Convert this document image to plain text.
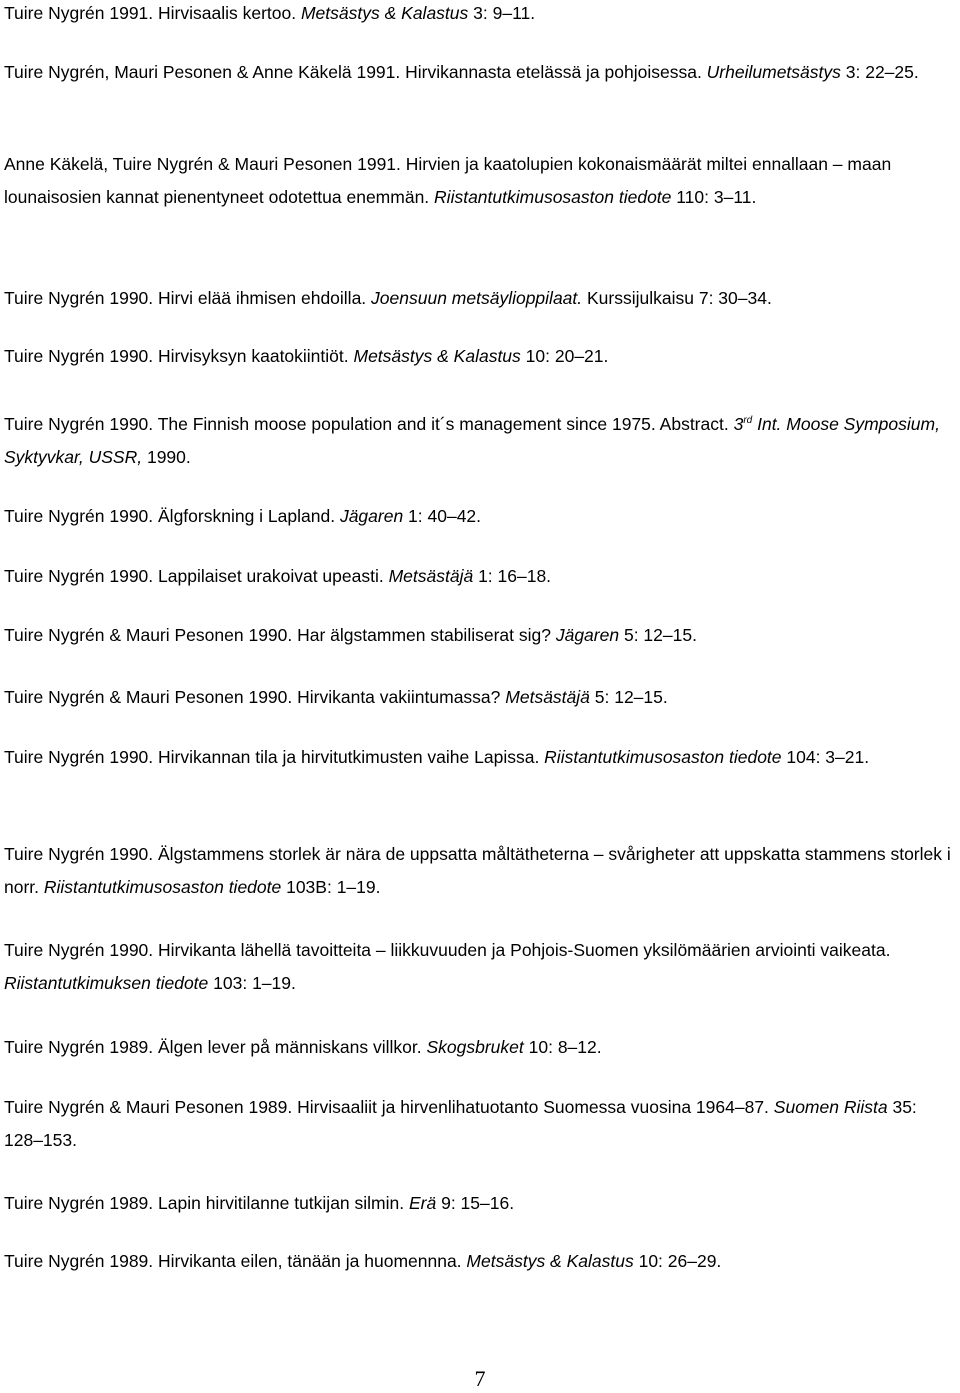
Tuire Nygrén 1991. Hirvisaalis kertoo. Metsästys & Kalastus 3: 9–11.

Tuire Nygrén, Mauri Pesonen & Anne Käkelä 1991. Hirvikannasta etelässä ja pohjoisessa. Urheilumetsästys 3: 22–25.

Anne Käkelä, Tuire Nygrén & Mauri Pesonen 1991. Hirvien ja kaatolupien kokonaismäärät miltei ennallaan – maan lounaisosien kannat pienentyneet odotettua enemmän. Riistantutkimusosaston tiedote 110: 3–11.

Tuire Nygrén 1990. Hirvi elää ihmisen ehdoilla. Joensuun metsäylioppilaat. Kurssijulkaisu 7: 30–34.

Tuire Nygrén 1990. Hirvisyksyn kaatokiintiöt. Metsästys & Kalastus 10: 20–21.

Tuire Nygrén 1990. The Finnish moose population and it´s management since 1975. Abstract. 3rd Int. Moose Symposium, Syktyvkar, USSR, 1990.

Tuire Nygrén 1990. Älgforskning i Lapland. Jägaren 1: 40–42.

Tuire Nygrén 1990. Lappilaiset urakoivat upeasti. Metsästäjä 1: 16–18.

Tuire Nygrén & Mauri Pesonen 1990. Har älgstammen stabiliserat sig? Jägaren 5: 12–15.

Tuire Nygrén & Mauri Pesonen 1990. Hirvikanta vakiintumassa? Metsästäjä 5: 12–15.

Tuire Nygrén 1990. Hirvikannan tila ja hirvitutkimusten vaihe Lapissa. Riistantutkimusosaston tiedote 104: 3–21.

Tuire Nygrén 1990. Älgstammens storlek är nära de uppsatta måltätheterna – svårigheter att uppskatta stammens storlek i norr. Riistantutkimusosaston tiedote 103B: 1–19.

Tuire Nygrén 1990. Hirvikanta lähellä tavoitteita – liikkuvuuden ja Pohjois-Suomen yksilömäärien arviointi vaikeata. Riistantutkimuksen tiedote 103: 1–19.

Tuire Nygrén 1989. Älgen lever på människans villkor. Skogsbruket 10: 8–12.

Tuire Nygrén & Mauri Pesonen 1989. Hirvisaaliit ja hirvenlihatuotanto Suomessa vuosina 1964–87. Suomen Riista 35: 128–153.

Tuire Nygrén 1989. Lapin hirvitilanne tutkijan silmin. Erä 9: 15–16.

Tuire Nygrén 1989. Hirvikanta eilen, tänään ja huomennna. Metsästys & Kalastus 10: 26–29.

7
